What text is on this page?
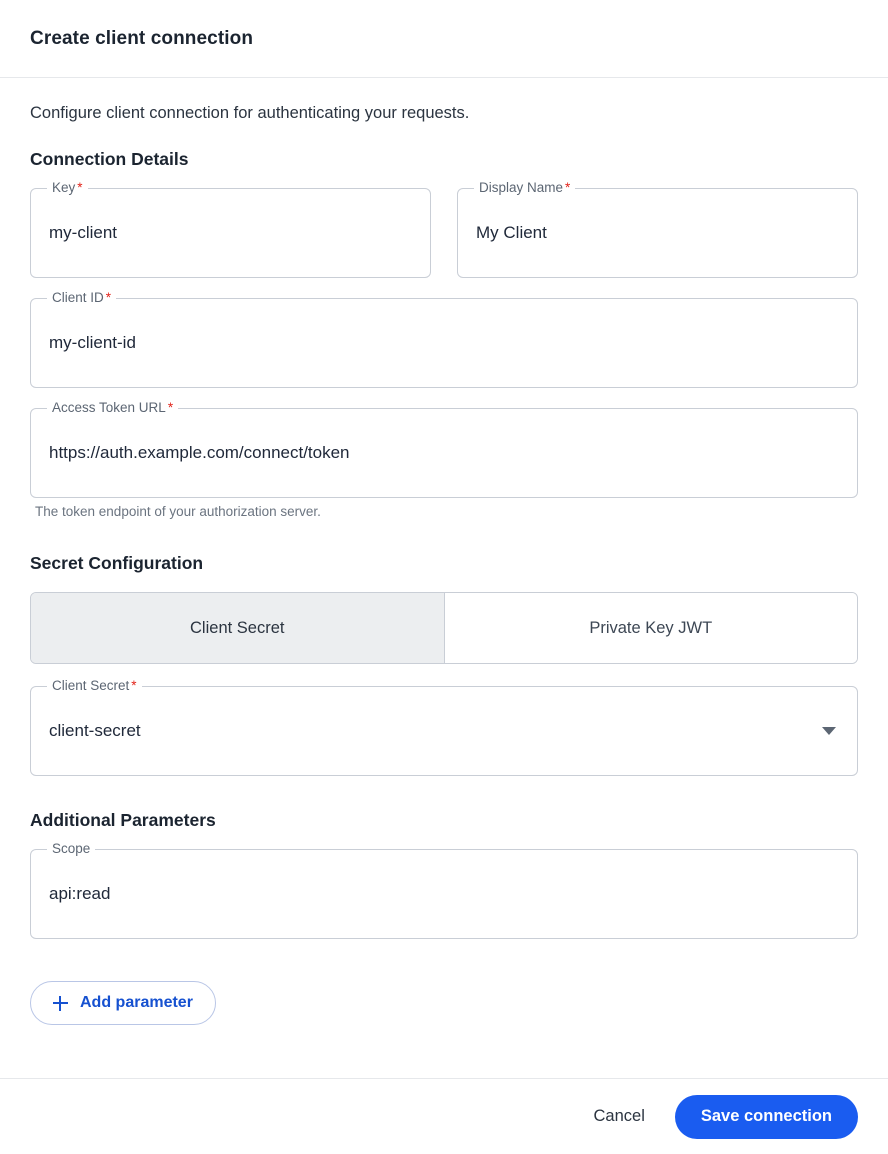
Create client connection

Configure client connection for authenticating your requests.

Connection Details
Key *
my-client
Display Name *
My Client
Client ID *
my-client-id
Access Token URL *
https://auth.example.com/connect/token
The token endpoint of your authorization server.
Secret Configuration
Client Secret	Private Key JWT
Client Secret *
client-secret
Additional Parameters
Scope
api:read
Add parameter
Cancel	Save connection
